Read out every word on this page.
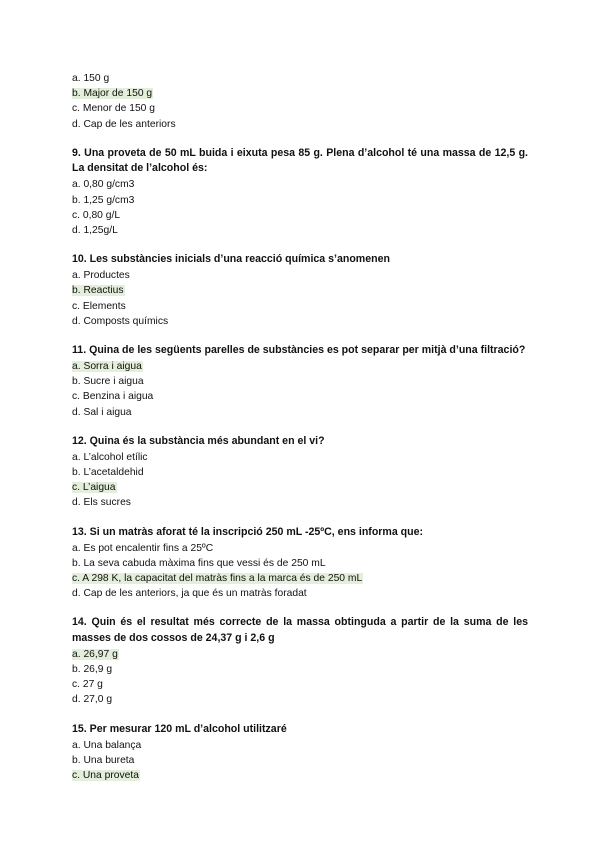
a. 150 g
b. Major de 150 g
c. Menor de 150 g
d. Cap de les anteriors
9. Una proveta de 50 mL buida i eixuta pesa 85 g. Plena d’alcohol té una massa de 12,5 g. La densitat de l’alcohol és:
a. 0,80 g/cm3
b. 1,25 g/cm3
c. 0,80 g/L
d. 1,25g/L
10. Les substàncies inicials d’una reacció química s’anomenen
a. Productes
b. Reactius
c. Elements
d. Composts químics
11. Quina de les següents parelles de substàncies es pot separar per mitjà d’una filtració?
a. Sorra i aigua
b. Sucre i aigua
c. Benzina i aigua
d. Sal i aigua
12. Quina és la substància més abundant en el vi?
a. L’alcohol etílic
b. L’acetaldehid
c. L’aigua
d. Els sucres
13. Si un matràs aforat té la inscripció 250 mL -25ºC, ens informa que:
a. Es pot encalentir fins a 25ºC
b. La seva cabuda màxima fins que vessi és de 250 mL
c. A 298 K, la capacitat del matràs fins a la marca és de 250 mL
d. Cap de les anteriors, ja que és un matràs foradat
14. Quin és el resultat més correcte de la massa obtinguda a partir de la suma de les masses de dos cossos de 24,37 g i 2,6 g
a. 26,97 g
b. 26,9 g
c. 27 g
d. 27,0 g
15. Per mesurar 120 mL d’alcohol utilitzaré
a. Una balança
b. Una bureta
c. Una proveta
